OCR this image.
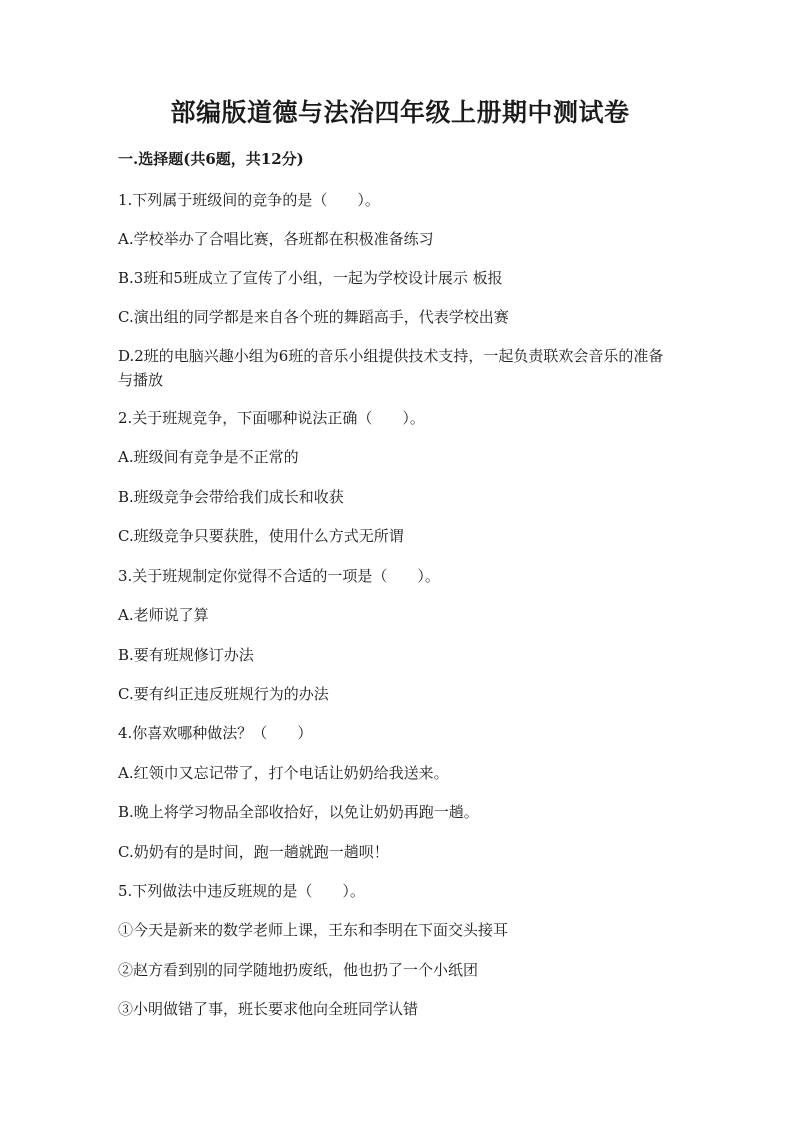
部编版道德与法治四年级上册期中测试卷
一.选择题(共6题，共12分)
1.下列属于班级间的竞争的是（　　）。
A.学校举办了合唱比赛，各班都在积极准备练习
B.3班和5班成立了宣传了小组，一起为学校设计展示 板报
C.演出组的同学都是来自各个班的舞蹈高手，代表学校出赛
D.2班的电脑兴趣小组为6班的音乐小组提供技术支持，一起负责联欢会音乐的准备与播放
2.关于班规竞争，下面哪种说法正确（　　）。
A.班级间有竞争是不正常的
B.班级竞争会带给我们成长和收获
C.班级竞争只要获胜，使用什么方式无所谓
3.关于班规制定你觉得不合适的一项是（　　）。
A.老师说了算
B.要有班规修订办法
C.要有纠正违反班规行为的办法
4.你喜欢哪种做法？（　　）
A.红领巾又忘记带了，打个电话让奶奶给我送来。
B.晚上将学习物品全部收拾好，以免让奶奶再跑一趟。
C.奶奶有的是时间，跑一趟就跑一趟呗！
5.下列做法中违反班规的是（　　）。
①今天是新来的数学老师上课，王东和李明在下面交头接耳
②赵方看到别的同学随地扔废纸，他也扔了一个小纸团
③小明做错了事，班长要求他向全班同学认错
